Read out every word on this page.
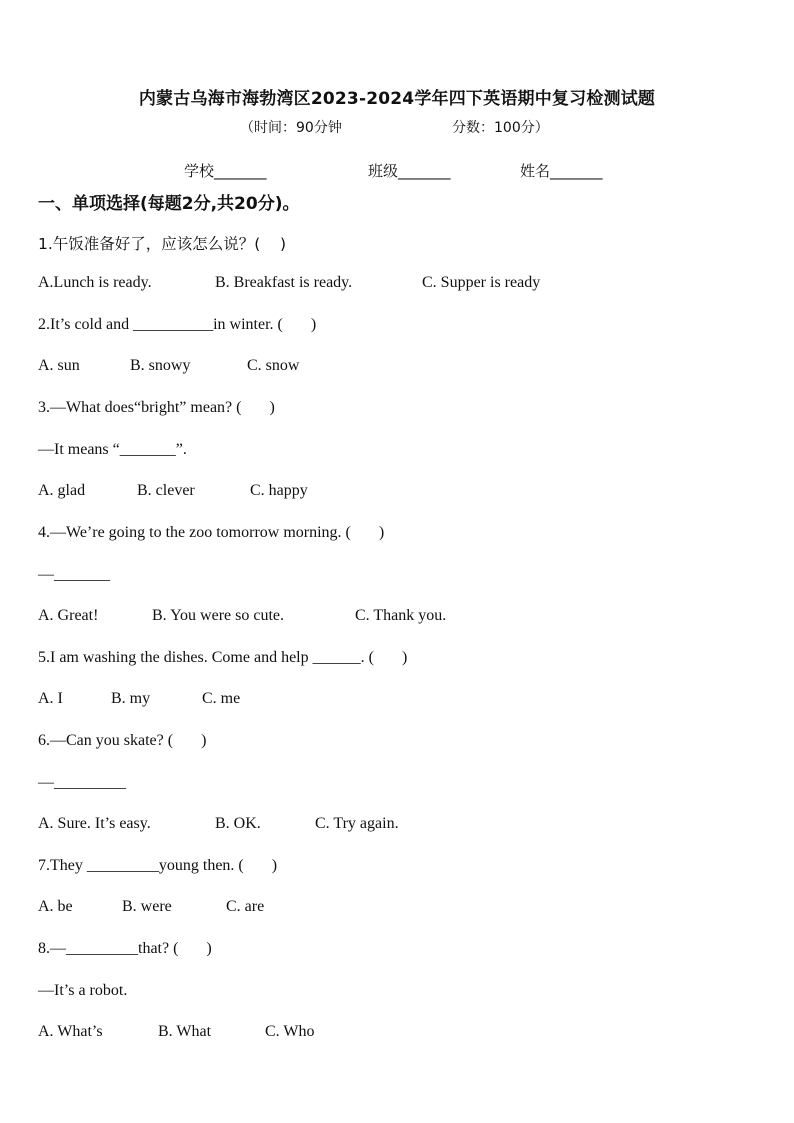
内蒙古乌海市海勃湾区2023-2024学年四下英语期中复习检测试题
（时间：90分钟	分数：100分）
学校_______	班级_______	姓名_______
一、单项选择(每题2分,共20分)。
1.午饭准备好了，应该怎么说？(    )
A.Lunch is ready.	B. Breakfast is ready.	C. Supper is ready
2.It’s cold and __________in winter. (       )
A. sun	B. snowy	C. snow
3.—What does“bright” mean? (       )
—It means “_______”.
A. glad	B. clever	C. happy
4.—We’re going to the zoo tomorrow morning. (       )
—_______
A. Great!	B. You were so cute.	C. Thank you.
5.I am washing the dishes. Come and help ______. (       )
A. I	B. my	C. me
6.—Can you skate? (       )
—_________
A. Sure. It’s easy.	B. OK.	C. Try again.
7.They _________young then. (       )
A. be	B. were	C. are
8.—_________that? (       )
—It’s a robot.
A. What’s	B. What	C. Who
